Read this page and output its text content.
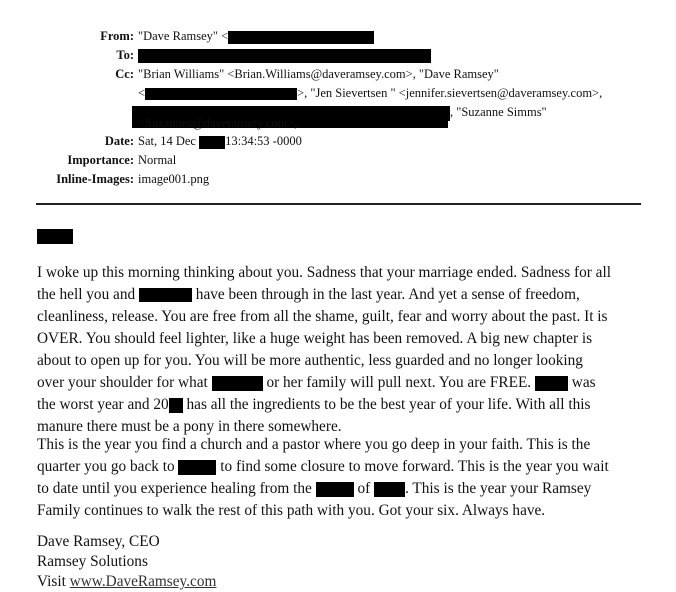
From: "Dave Ramsey" <
To:
Cc: "Brian Williams" <Brian.Williams@daveramsey.com>, "Dave Ramsey"
<	>, "Jen Sievertsen " <jennifer.sievertsen@daveramsey.com>,
, "Suzanne Simms"
<Suzannes@daveramsey.com>,
Date: Sat, 14 Dec 13:34:53 -0000
Importance: Normal
Inline-Images: image001.png
I woke up this morning thinking about you. Sadness that your marriage ended. Sadness for all
the hell you and	have been through in the last year. And yet a sense of freedom,
cleanliness, release. You are free from all the shame, guilt, fear and worry about the past. It is
OVER. You should feel lighter, like a huge weight has been removed. A big new chapter is
about to open up for you. You will be more authentic, less guarded and no longer looking
over your shoulder for what	or her family will pull next. You are FREE.	was
the worst year and 20 has all the ingredients to be the best year of your life. With all this
manure there must be a pony in there somewhere.
This is the year you find a church and a pastor where you go deep in your faith. This is the
quarter you go back to	to find some closure to move forward. This is the year you wait
to date until you experience healing from the	of . This is the year your Ramsey
Family continues to walk the rest of this path with you. Got your six. Always have.
Dave Ramsey, CEO
Ramsey Solutions
Visit www.DaveRamsey.com
